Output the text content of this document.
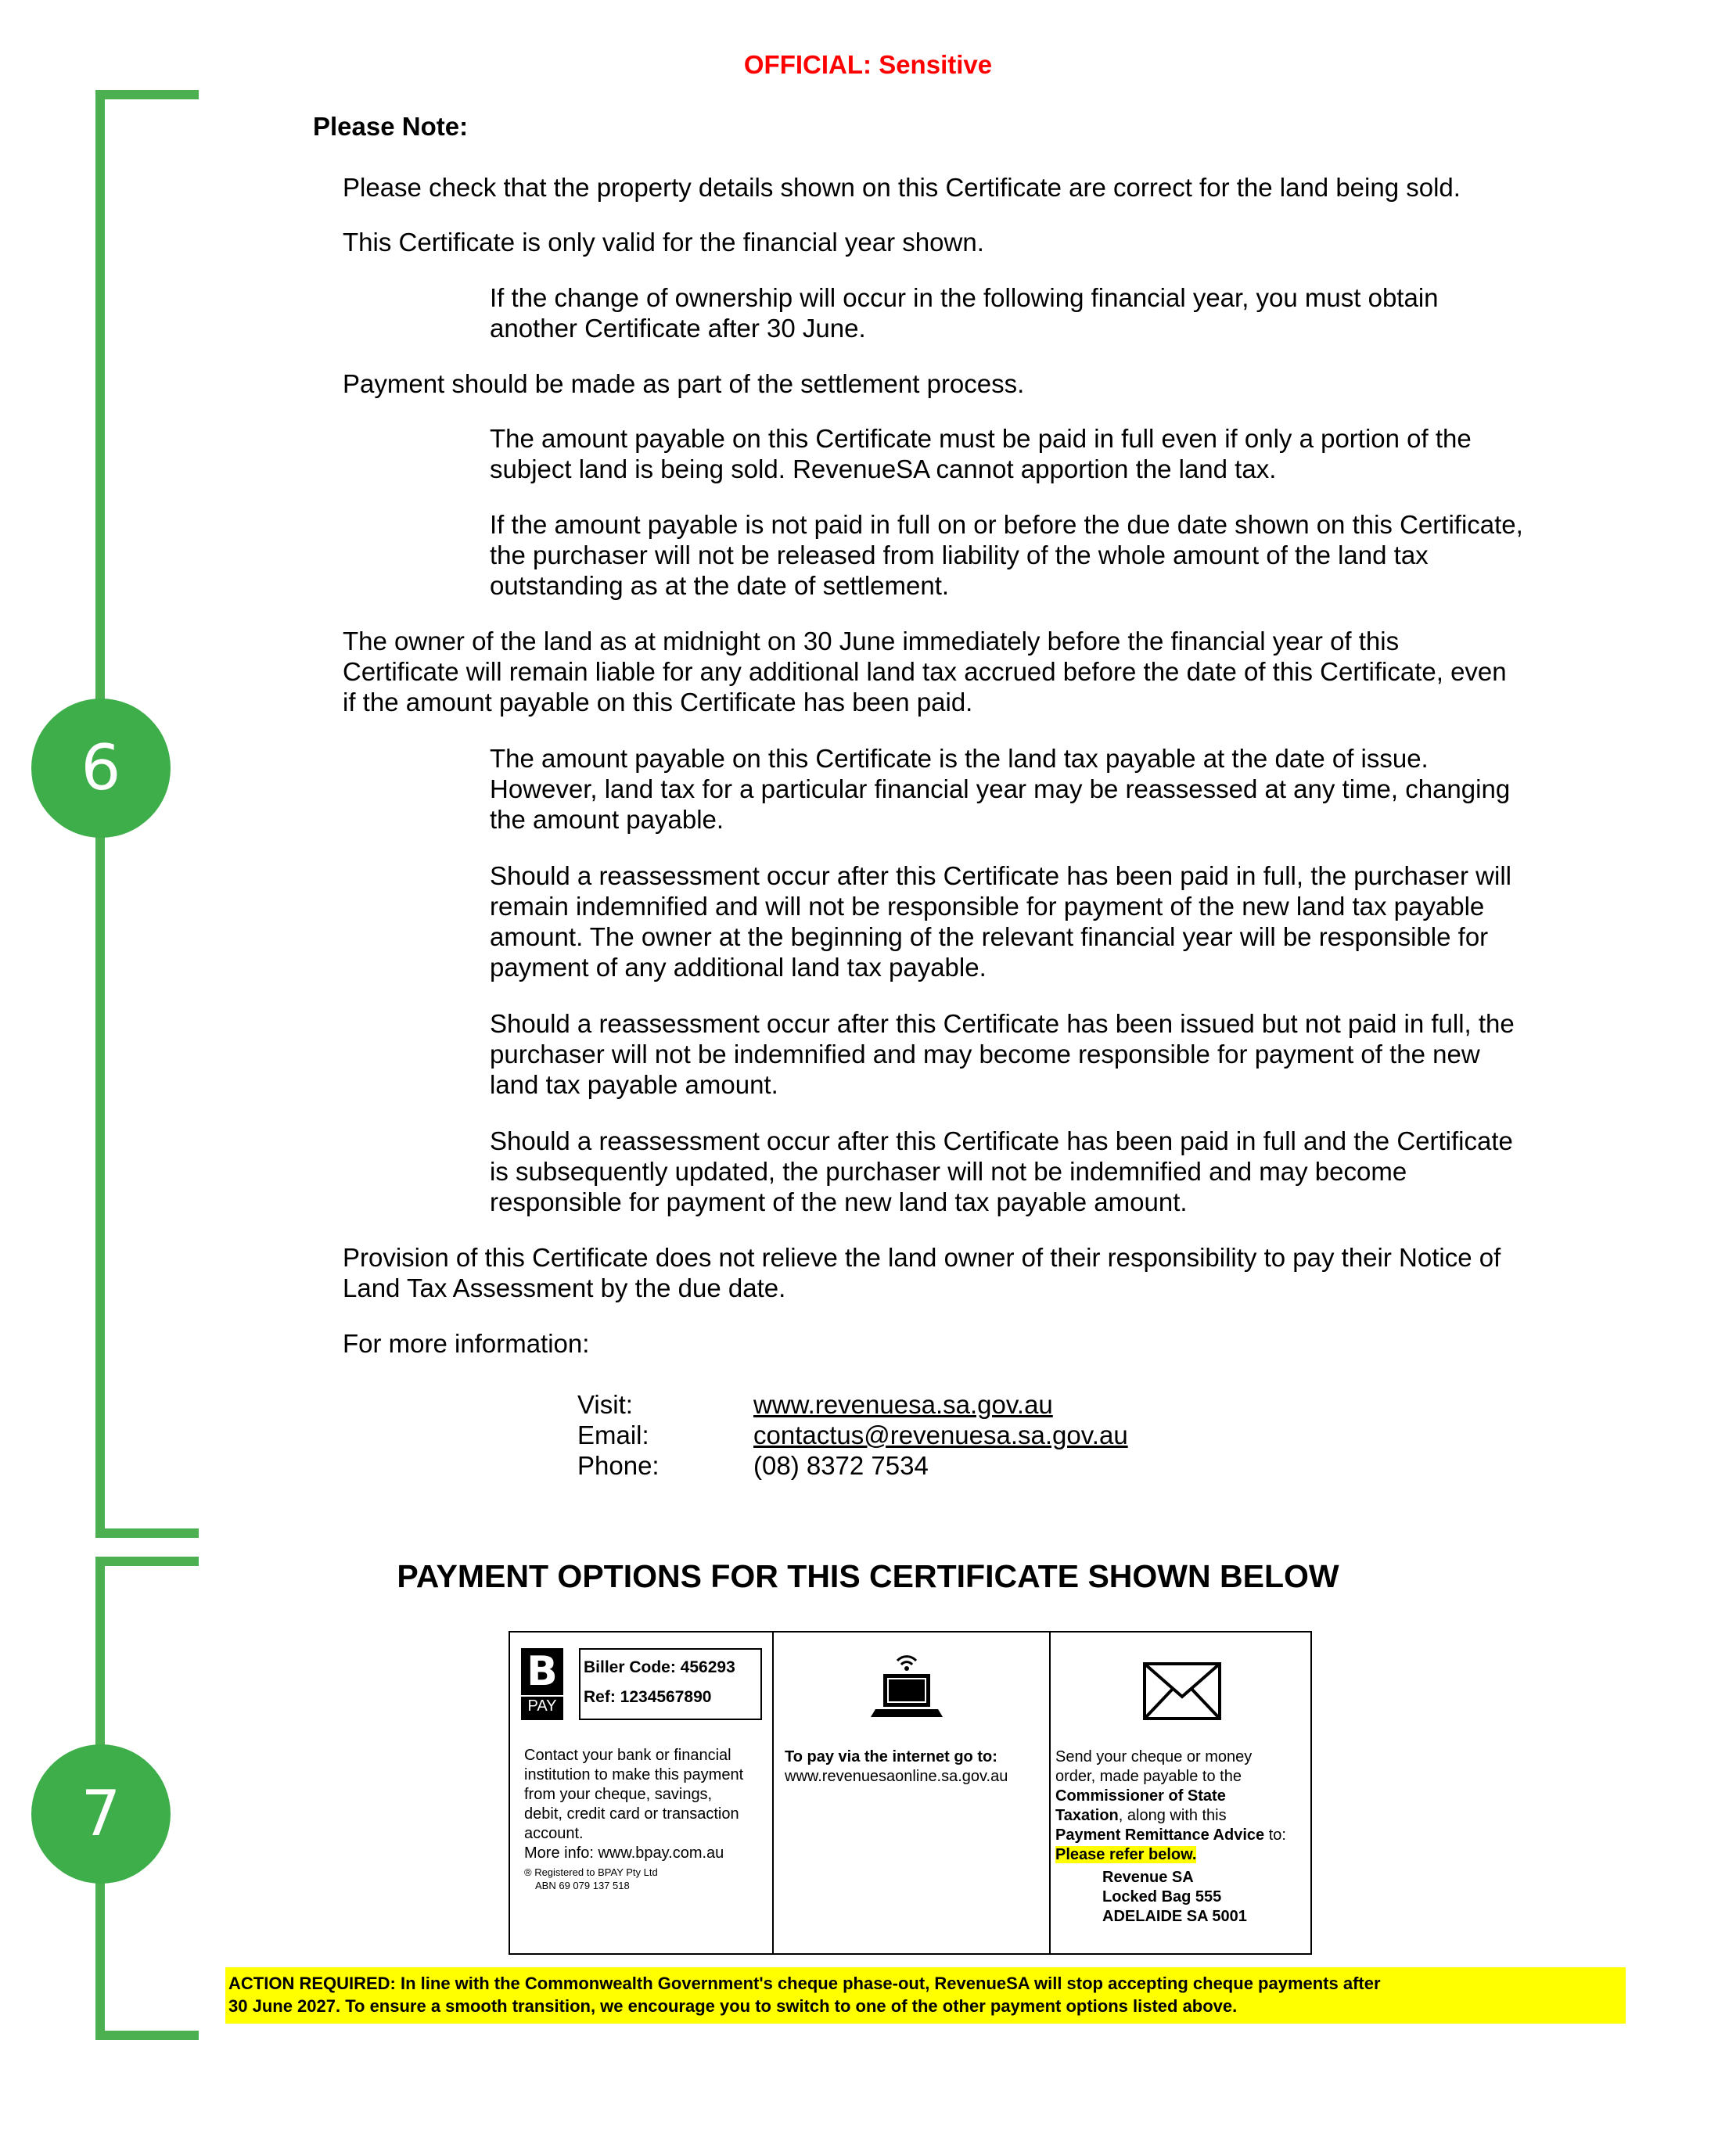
6
7
OFFICIAL: Sensitive
Please Note:
Please check that the property details shown on this Certificate are correct for the land being sold.
This Certificate is only valid for the financial year shown.
If the change of ownership will occur in the following financial year, you must obtain
another Certificate after 30 June.
Payment should be made as part of the settlement process.
The amount payable on this Certificate must be paid in full even if only a portion of the
subject land is being sold. RevenueSA cannot apportion the land tax.
If the amount payable is not paid in full on or before the due date shown on this Certificate,
the purchaser will not be released from liability of the whole amount of the land tax
outstanding as at the date of settlement.
The owner of the land as at midnight on 30 June immediately before the financial year of this
Certificate will remain liable for any additional land tax accrued before the date of this Certificate, even
if the amount payable on this Certificate has been paid.
The amount payable on this Certificate is the land tax payable at the date of issue.
However, land tax for a particular financial year may be reassessed at any time, changing
the amount payable.
Should a reassessment occur after this Certificate has been paid in full, the purchaser will
remain indemnified and will not be responsible for payment of the new land tax payable
amount. The owner at the beginning of the relevant financial year will be responsible for
payment of any additional land tax payable.
Should a reassessment occur after this Certificate has been issued but not paid in full, the
purchaser will not be indemnified and may become responsible for payment of the new
land tax payable amount.
Should a reassessment occur after this Certificate has been paid in full and the Certificate
is subsequently updated, the purchaser will not be indemnified and may become
responsible for payment of the new land tax payable amount.
Provision of this Certificate does not relieve the land owner of their responsibility to pay their Notice of
Land Tax Assessment by the due date.
For more information:
Visit:	www.revenuesa.sa.gov.au
Email:	contactus@revenuesa.sa.gov.au
Phone:	(08) 8372 7534
PAYMENT OPTIONS FOR THIS CERTIFICATE SHOWN BELOW
B
PAY
Biller Code: 456293
Ref: 1234567890
Contact your bank or financial
institution to make this payment
from your cheque, savings,
debit, credit card or transaction
account.
More info: www.bpay.com.au
® Registered to BPAY Pty Ltd
ABN 69 079 137 518
To pay via the internet go to:
www.revenuesaonline.sa.gov.au
Send your cheque or money
order, made payable to the
Commissioner of State
Taxation, along with this
Payment Remittance Advice to:
Please refer below.
Revenue SA
Locked Bag 555
ADELAIDE SA 5001
ACTION REQUIRED: In line with the Commonwealth Government's cheque phase-out, RevenueSA will stop accepting cheque payments after
30 June 2027. To ensure a smooth transition, we encourage you to switch to one of the other payment options listed above.
